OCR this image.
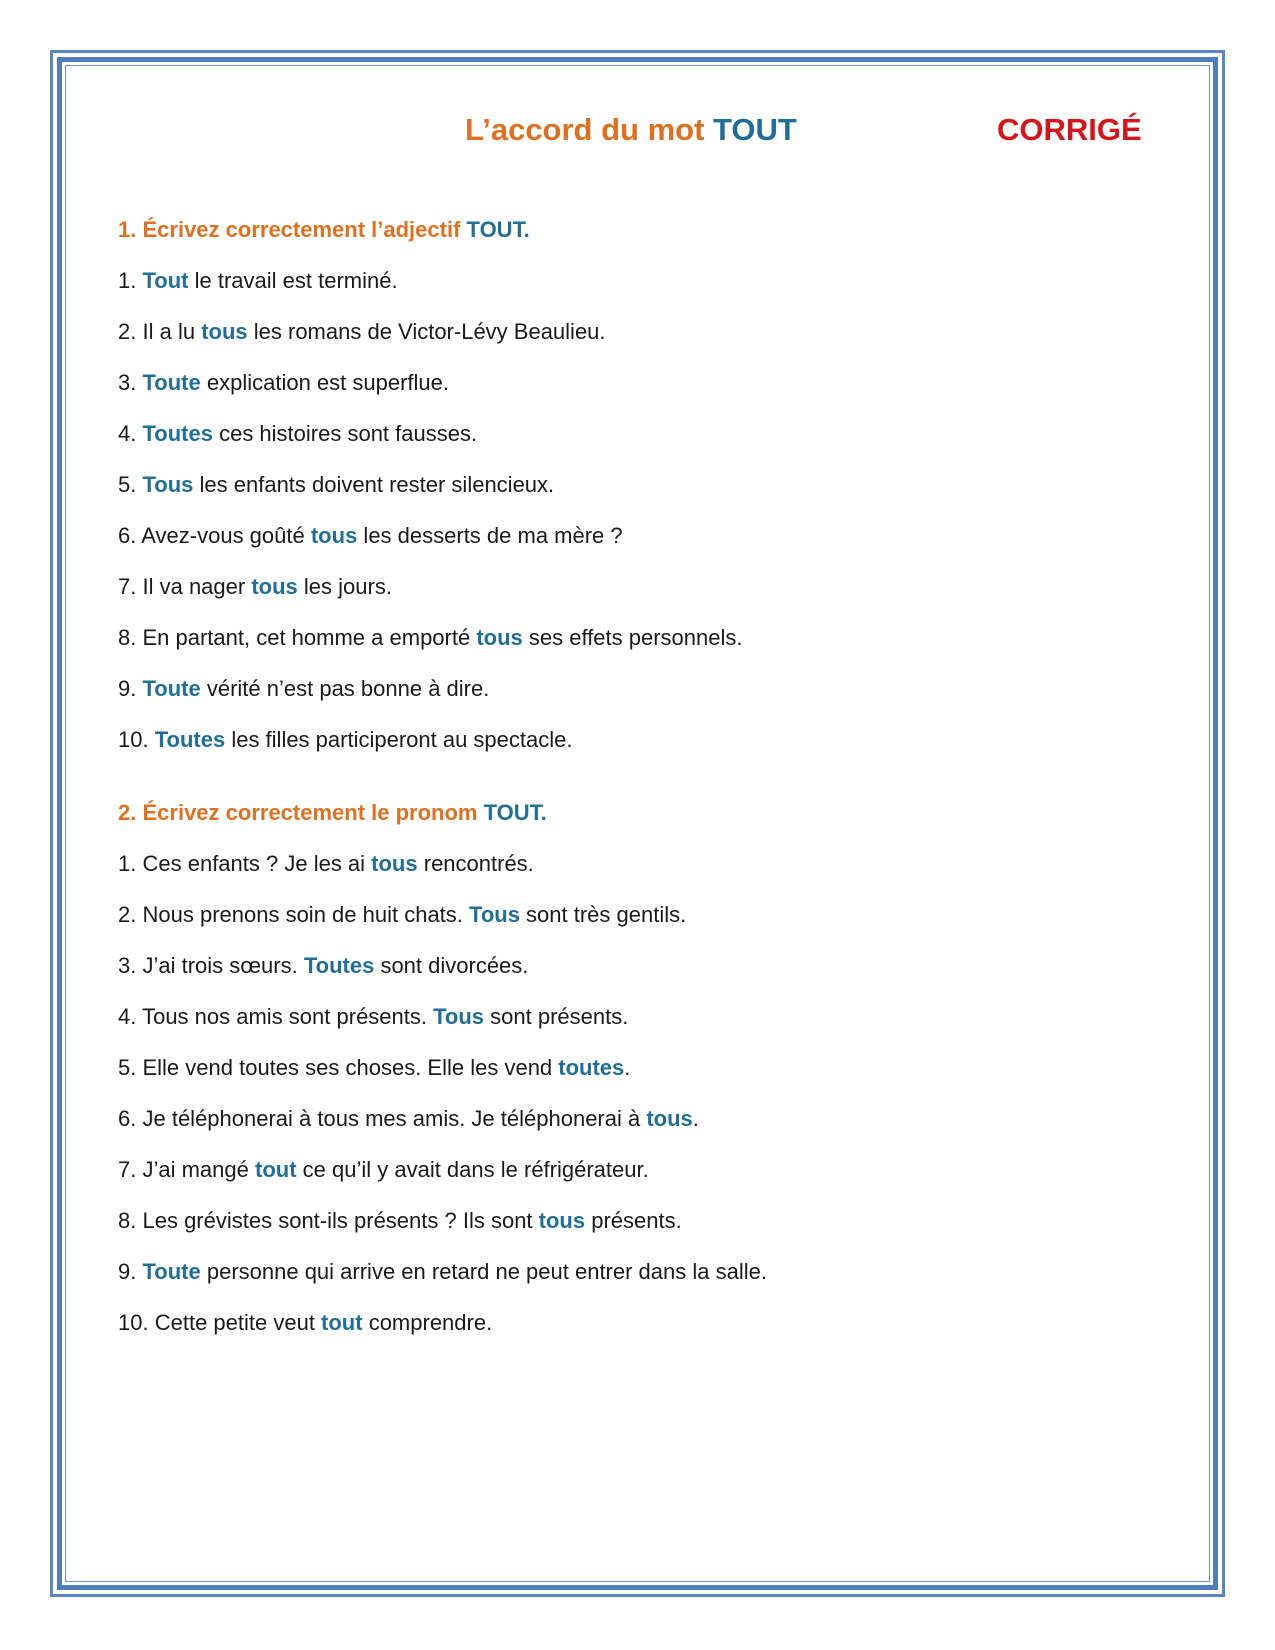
L’accord du mot TOUT	CORRIGÉ
1. Écrivez correctement l’adjectif TOUT.
1. Tout le travail est terminé.
2. Il a lu tous les romans de Victor-Lévy Beaulieu.
3. Toute explication est superflue.
4. Toutes ces histoires sont fausses.
5. Tous les enfants doivent rester silencieux.
6. Avez-vous goûté tous les desserts de ma mère ?
7. Il va nager tous les jours.
8. En partant, cet homme a emporté tous ses effets personnels.
9. Toute vérité n’est pas bonne à dire.
10. Toutes les filles participeront au spectacle.
2. Écrivez correctement le pronom TOUT.
1. Ces enfants ? Je les ai tous rencontrés.
2. Nous prenons soin de huit chats. Tous sont très gentils.
3. J’ai trois sœurs. Toutes sont divorcées.
4. Tous nos amis sont présents. Tous sont présents.
5. Elle vend toutes ses choses. Elle les vend toutes.
6. Je téléphonerai à tous mes amis. Je téléphonerai à tous.
7. J’ai mangé tout ce qu’il y avait dans le réfrigérateur.
8. Les grévistes sont-ils présents ? Ils sont tous présents.
9. Toute personne qui arrive en retard ne peut entrer dans la salle.
10. Cette petite veut tout comprendre.
